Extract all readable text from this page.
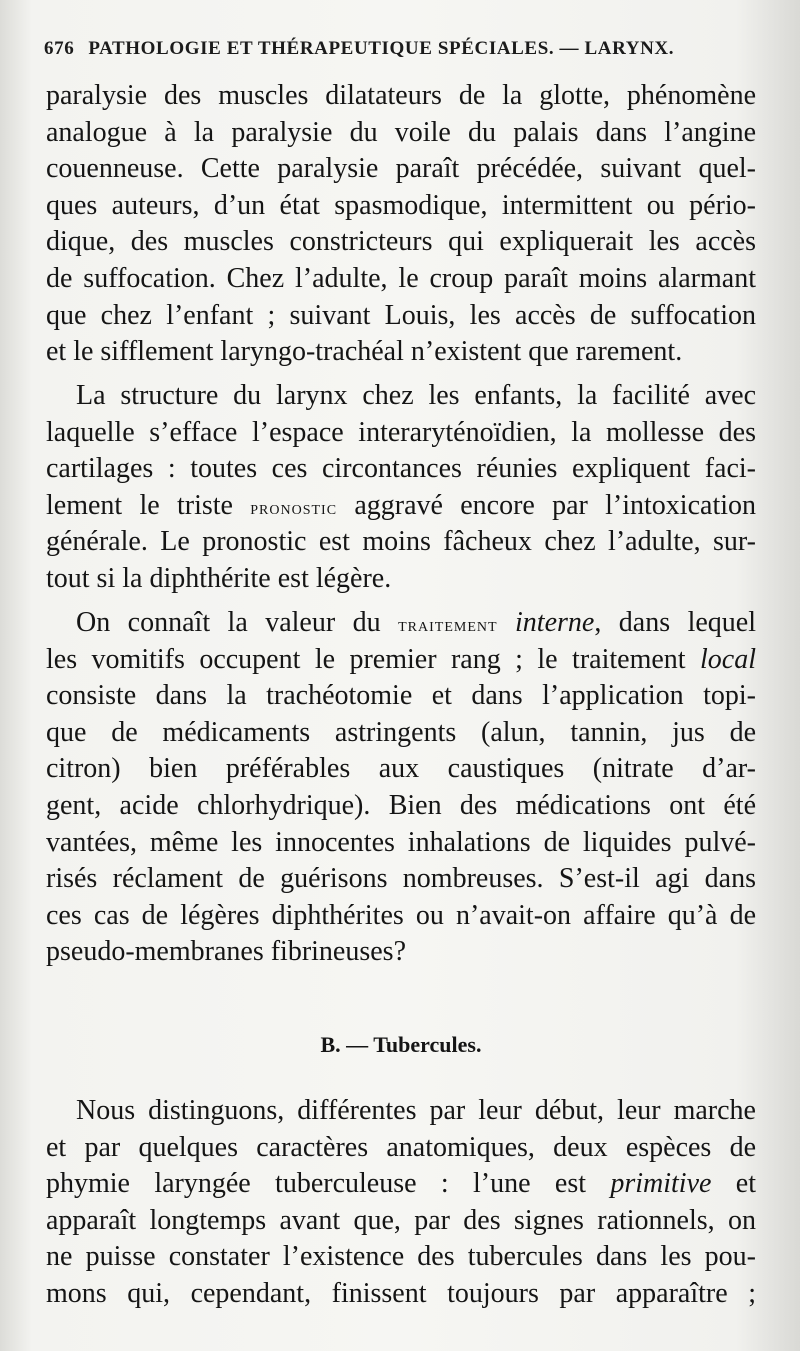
676 PATHOLOGIE ET THÉRAPEUTIQUE SPÉCIALES. — LARYNX.
paralysie des muscles dilatateurs de la glotte, phénomène
analogue à la paralysie du voile du palais dans l’angine
couenneuse. Cette paralysie paraît précédée, suivant quel-
ques auteurs, d’un état spasmodique, intermittent ou pério-
dique, des muscles constricteurs qui expliquerait les accès
de suffocation. Chez l’adulte, le croup paraît moins alarmant
que chez l’enfant ; suivant Louis, les accès de suffocation
et le sifflement laryngo-trachéal n’existent que rarement.
La structure du larynx chez les enfants, la facilité avec
laquelle s’efface l’espace interaryténoïdien, la mollesse des
cartilages : toutes ces circontances réunies expliquent faci-
lement le triste pronostic aggravé encore par l’intoxication
générale. Le pronostic est moins fâcheux chez l’adulte, sur-
tout si la diphthérite est légère.
On connaît la valeur du traitement interne, dans lequel
les vomitifs occupent le premier rang ; le traitement local
consiste dans la trachéotomie et dans l’application topi-
que de médicaments astringents (alun, tannin, jus de
citron) bien préférables aux caustiques (nitrate d’ar-
gent, acide chlorhydrique). Bien des médications ont été
vantées, même les innocentes inhalations de liquides pulvé-
risés réclament de guérisons nombreuses. S’est-il agi dans
ces cas de légères diphthérites ou n’avait-on affaire qu’à de
pseudo-membranes fibrineuses?
B. — Tubercules.
Nous distinguons, différentes par leur début, leur marche
et par quelques caractères anatomiques, deux espèces de
phymie laryngée tuberculeuse : l’une est primitive et
apparaît longtemps avant que, par des signes rationnels, on
ne puisse constater l’existence des tubercules dans les pou-
mons qui, cependant, finissent toujours par apparaître ;
